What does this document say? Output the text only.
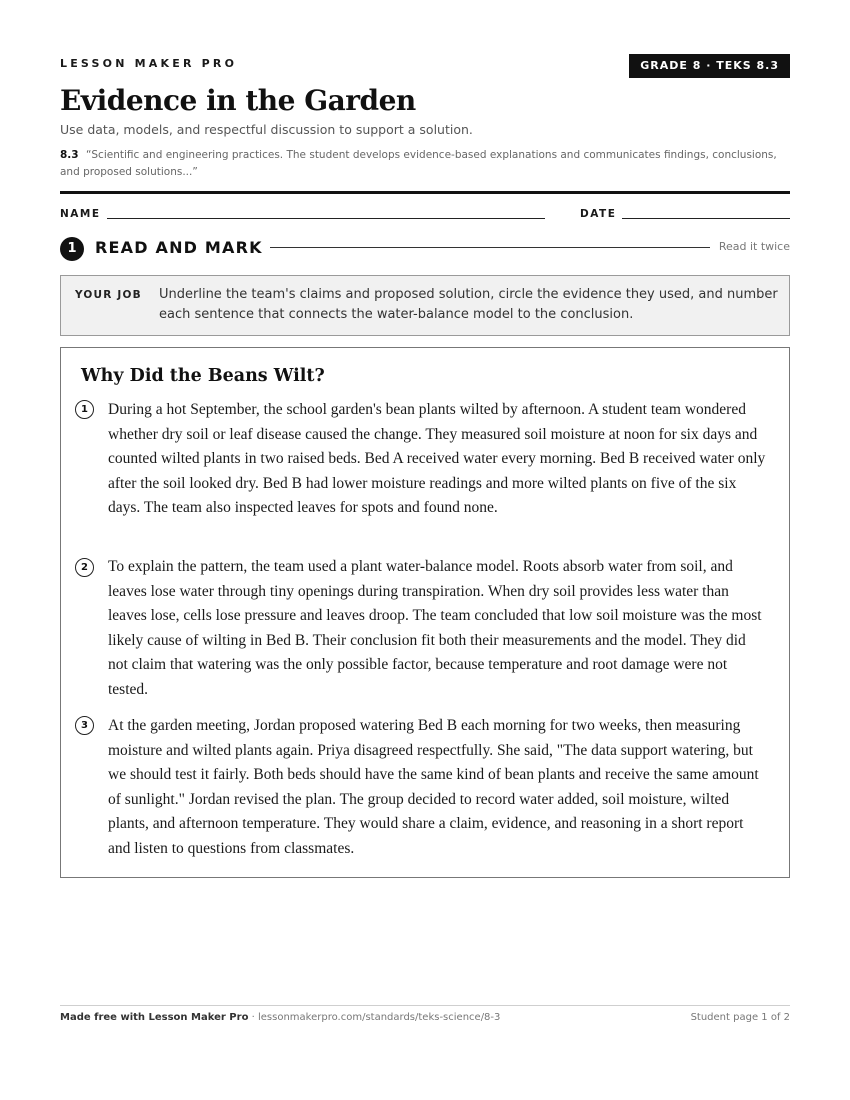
LESSON MAKER PRO	GRADE 8 · TEKS 8.3
Evidence in the Garden
Use data, models, and respectful discussion to support a solution.
8.3 “Scientific and engineering practices. The student develops evidence-based explanations and communicates findings, conclusions, and proposed solutions...”
NAME	DATE
1	READ AND MARK	Read it twice
YOUR JOB Underline the team's claims and proposed solution, circle the evidence they used, and number each sentence that connects the water-balance model to the conclusion.
Why Did the Beans Wilt?
1	During a hot September, the school garden's bean plants wilted by afternoon. A student team wondered whether dry soil or leaf disease caused the change. They measured soil moisture at noon for six days and counted wilted plants in two raised beds. Bed A received water every morning. Bed B received water only after the soil looked dry. Bed B had lower moisture readings and more wilted plants on five of the six days. The team also inspected leaves for spots and found none.
2	To explain the pattern, the team used a plant water-balance model. Roots absorb water from soil, and leaves lose water through tiny openings during transpiration. When dry soil provides less water than leaves lose, cells lose pressure and leaves droop. The team concluded that low soil moisture was the most likely cause of wilting in Bed B. Their conclusion fit both their measurements and the model. They did not claim that watering was the only possible factor, because temperature and root damage were not tested.
3	At the garden meeting, Jordan proposed watering Bed B each morning for two weeks, then measuring moisture and wilted plants again. Priya disagreed respectfully. She said, "The data support watering, but we should test it fairly. Both beds should have the same kind of bean plants and receive the same amount of sunlight." Jordan revised the plan. The group decided to record water added, soil moisture, wilted plants, and afternoon temperature. They would share a claim, evidence, and reasoning in a short report and listen to questions from classmates.
Made free with Lesson Maker Pro · lessonmakerpro.com/standards/teks-science/8-3	Student page 1 of 2
